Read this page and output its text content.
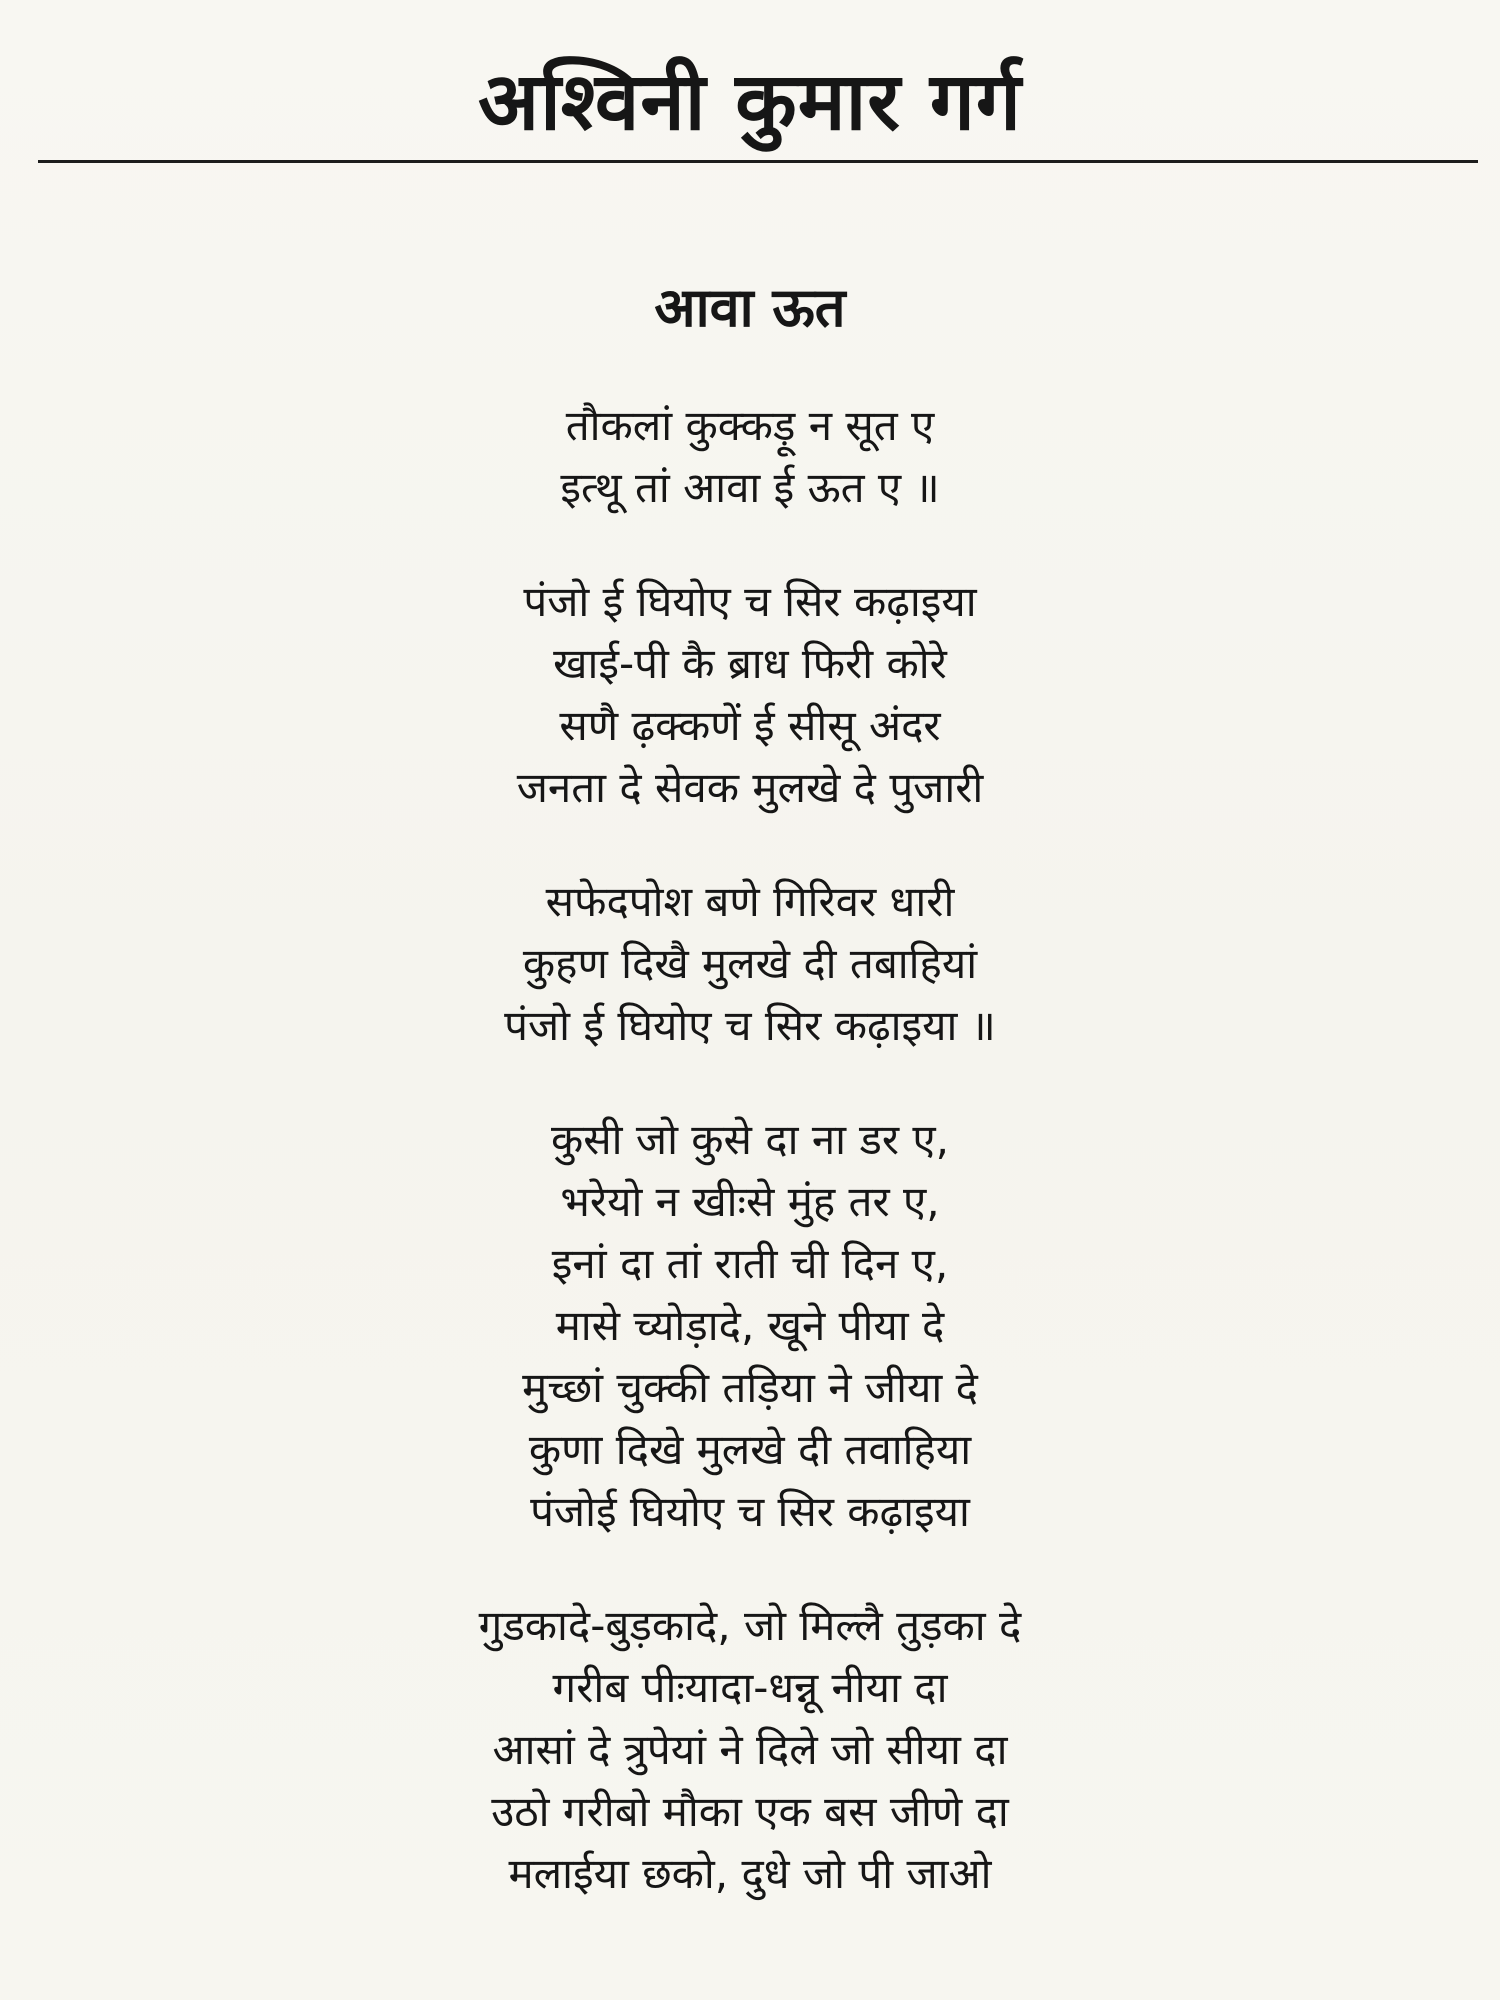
अश्विनी कुमार गर्ग
आवा ऊत
तौकलां कुक्कड़ू न सूत ए
इत्थू तां आवा ई ऊत ए ॥
पंजो ई घियोए च सिर कढ़ाइया
खाई-पी कै ब्राध फिरी कोरे
सणै ढ़क्कणें ई सीसू अंदर
जनता दे सेवक मुलखे दे पुजारी
सफेदपोश बणे गिरिवर धारी
कुहण दिखै मुलखे दी तबाहियां
पंजो ई घियोए च सिर कढ़ाइया ॥
कुसी जो कुसे दा ना डर ए,
भरेयो न खीःसे मुंह तर ए,
इनां दा तां राती ची दिन ए,
मासे च्योड़ादे, खूने पीया दे
मुच्छां चुक्की तड़िया ने जीया दे
कुणा दिखे मुलखे दी तवाहिया
पंजोई घियोए च सिर कढ़ाइया
गुडकादे-बुड़कादे, जो मिल्लै तुड़का दे
गरीब पीःयादा-धन्नू नीया दा
आसां दे त्रुपेयां ने दिले जो सीया दा
उठो गरीबो मौका एक बस जीणे दा
मलाईया छको, दुधे जो पी जाओ
